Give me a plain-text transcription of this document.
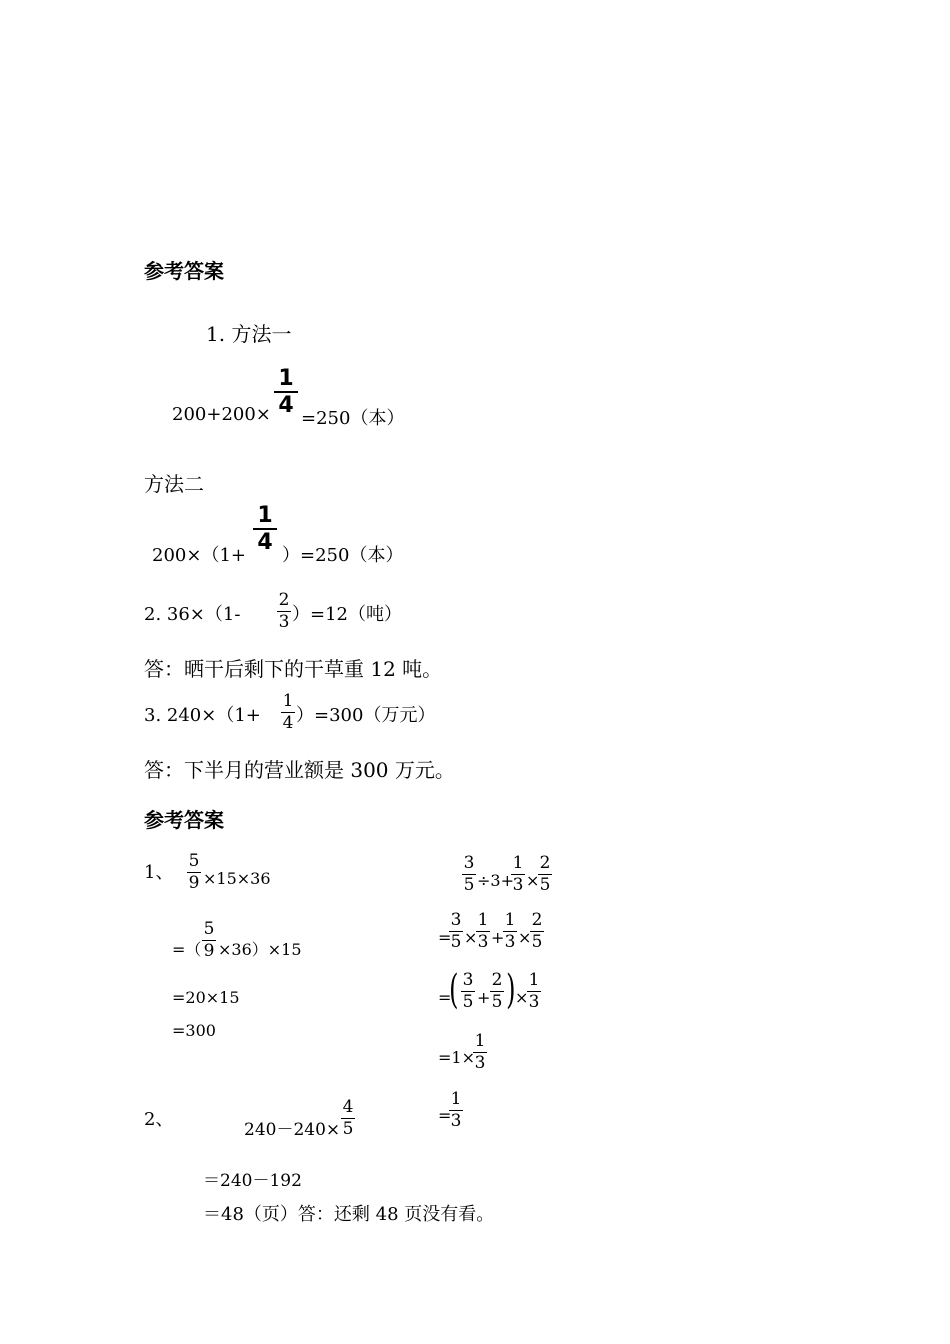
参考答案
1. 方法一
200+200×
1
4
=250（本）
方法二
200×（1+
1
4
）=250（本）
2. 36×（1-
2
3 ）=12（吨）
答：晒干后剩下的干草重 12 吨。
3. 240×（1+
1
4 ）=300（万元）
答：下半月的营业额是 300 万元。
参考答案
1、
5
9 ×15×36
=（
5
9 ×36）×15
=20×15
=300
3
5 ÷3+
1
3 ×
2
5
=
3
5 ×
1
3 +
1
3 ×
2
5
=
( 3
5 +
2
5 ) ×
1
3
=1×
1
3
=
1
3
2、	240－240×
4
5
＝240－192
＝48（页）答：还剩 48 页没有看。
